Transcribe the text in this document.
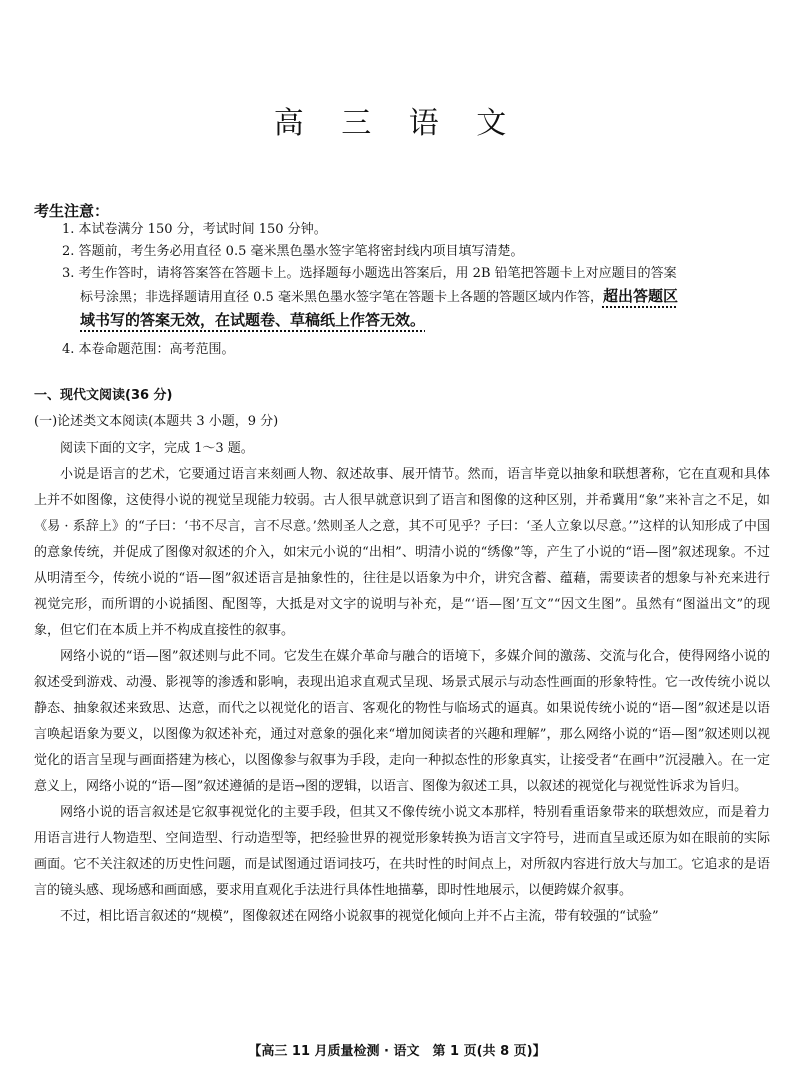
高 三 语 文
考生注意：

1. 本试卷满分 150 分，考试时间 150 分钟。

2. 答题前，考生务必用直径 0.5 毫米黑色墨水签字笔将密封线内项目填写清楚。

3. 考生作答时，请将答案答在答题卡上。选择题每小题选出答案后，用 2B 铅笔把答题卡上对应题目的答案

标号涂黑；非选择题请用直径 0.5 毫米黑色墨水签字笔在答题卡上各题的答题区域内作答，超出答题区

域书写的答案无效，在试题卷、草稿纸上作答无效。

4. 本卷命题范围：高考范围。

一、现代文阅读(36 分)
(一)论述类文本阅读(本题共 3 小题，9 分)

阅读下面的文字，完成 1～3 题。

小说是语言的艺术，它要通过语言来刻画人物、叙述故事、展开情节。然而，语言毕竟以抽象和联想著称，它在直观和具体上并不如图像，这使得小说的视觉呈现能力较弱。古人很早就意识到了语言和图像的这种区别，并希冀用“象”来补言之不足，如《易 · 系辞上》的“子曰：‘书不尽言，言不尽意。’然则圣人之意，其不可见乎？子曰：‘圣人立象以尽意。’”这样的认知形成了中国的意象传统，并促成了图像对叙述的介入，如宋元小说的“出相”、明清小说的“绣像”等，产生了小说的“语—图”叙述现象。不过从明清至今，传统小说的“语—图”叙述语言是抽象性的，往往是以语象为中介，讲究含蓄、蕴藉，需要读者的想象与补充来进行视觉完形，而所谓的小说插图、配图等，大抵是对文字的说明与补充，是“‘语—图’互文”“因文生图”。虽然有“图溢出文”的现象，但它们在本质上并不构成直接性的叙事。

网络小说的“语—图”叙述则与此不同。它发生在媒介革命与融合的语境下，多媒介间的激荡、交流与化合，使得网络小说的叙述受到游戏、动漫、影视等的渗透和影响，表现出追求直观式呈现、场景式展示与动态性画面的形象特性。它一改传统小说以静态、抽象叙述来致思、达意，而代之以视觉化的语言、客观化的物性与临场式的逼真。如果说传统小说的“语—图”叙述是以语言唤起语象为要义，以图像为叙述补充，通过对意象的强化来“增加阅读者的兴趣和理解”，那么网络小说的“语—图”叙述则以视觉化的语言呈现与画面搭建为核心，以图像参与叙事为手段，走向一种拟态性的形象真实，让接受者“在画中”沉浸融入。在一定意义上，网络小说的“语—图”叙述遵循的是语→图的逻辑，以语言、图像为叙述工具，以叙述的视觉化与视觉性诉求为旨归。

网络小说的语言叙述是它叙事视觉化的主要手段，但其又不像传统小说文本那样，特别看重语象带来的联想效应，而是着力用语言进行人物造型、空间造型、行动造型等，把经验世界的视觉形象转换为语言文字符号，进而直呈或还原为如在眼前的实际画面。它不关注叙述的历史性问题，而是试图通过语词技巧，在共时性的时间点上，对所叙内容进行放大与加工。它追求的是语言的镜头感、现场感和画面感，要求用直观化手法进行具体性地描摹，即时性地展示，以便跨媒介叙事。

不过，相比语言叙述的“规模”，图像叙述在网络小说叙事的视觉化倾向上并不占主流，带有较强的“试验”

【高三 11 月质量检测 · 语文　第 1 页(共 8 页)】
